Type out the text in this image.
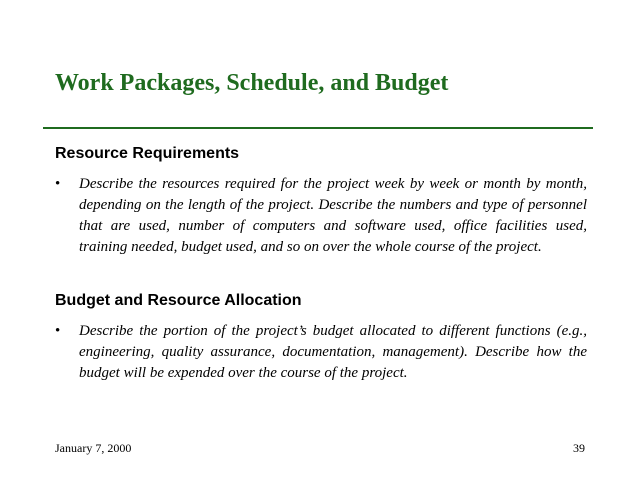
Work Packages, Schedule, and Budget
Resource Requirements
• Describe the resources required for the project week by week or month by month, depending on the length of the project. Describe the numbers and type of personnel that are used, number of computers and software used, office facilities used, training needed, budget used, and so on over the whole course of the project.

Budget and Resource Allocation
• Describe the portion of the project’s budget allocated to different functions (e.g., engineering, quality assurance, documentation, management). Describe how the budget will be expended over the course of the project.

January 7, 2000	39
